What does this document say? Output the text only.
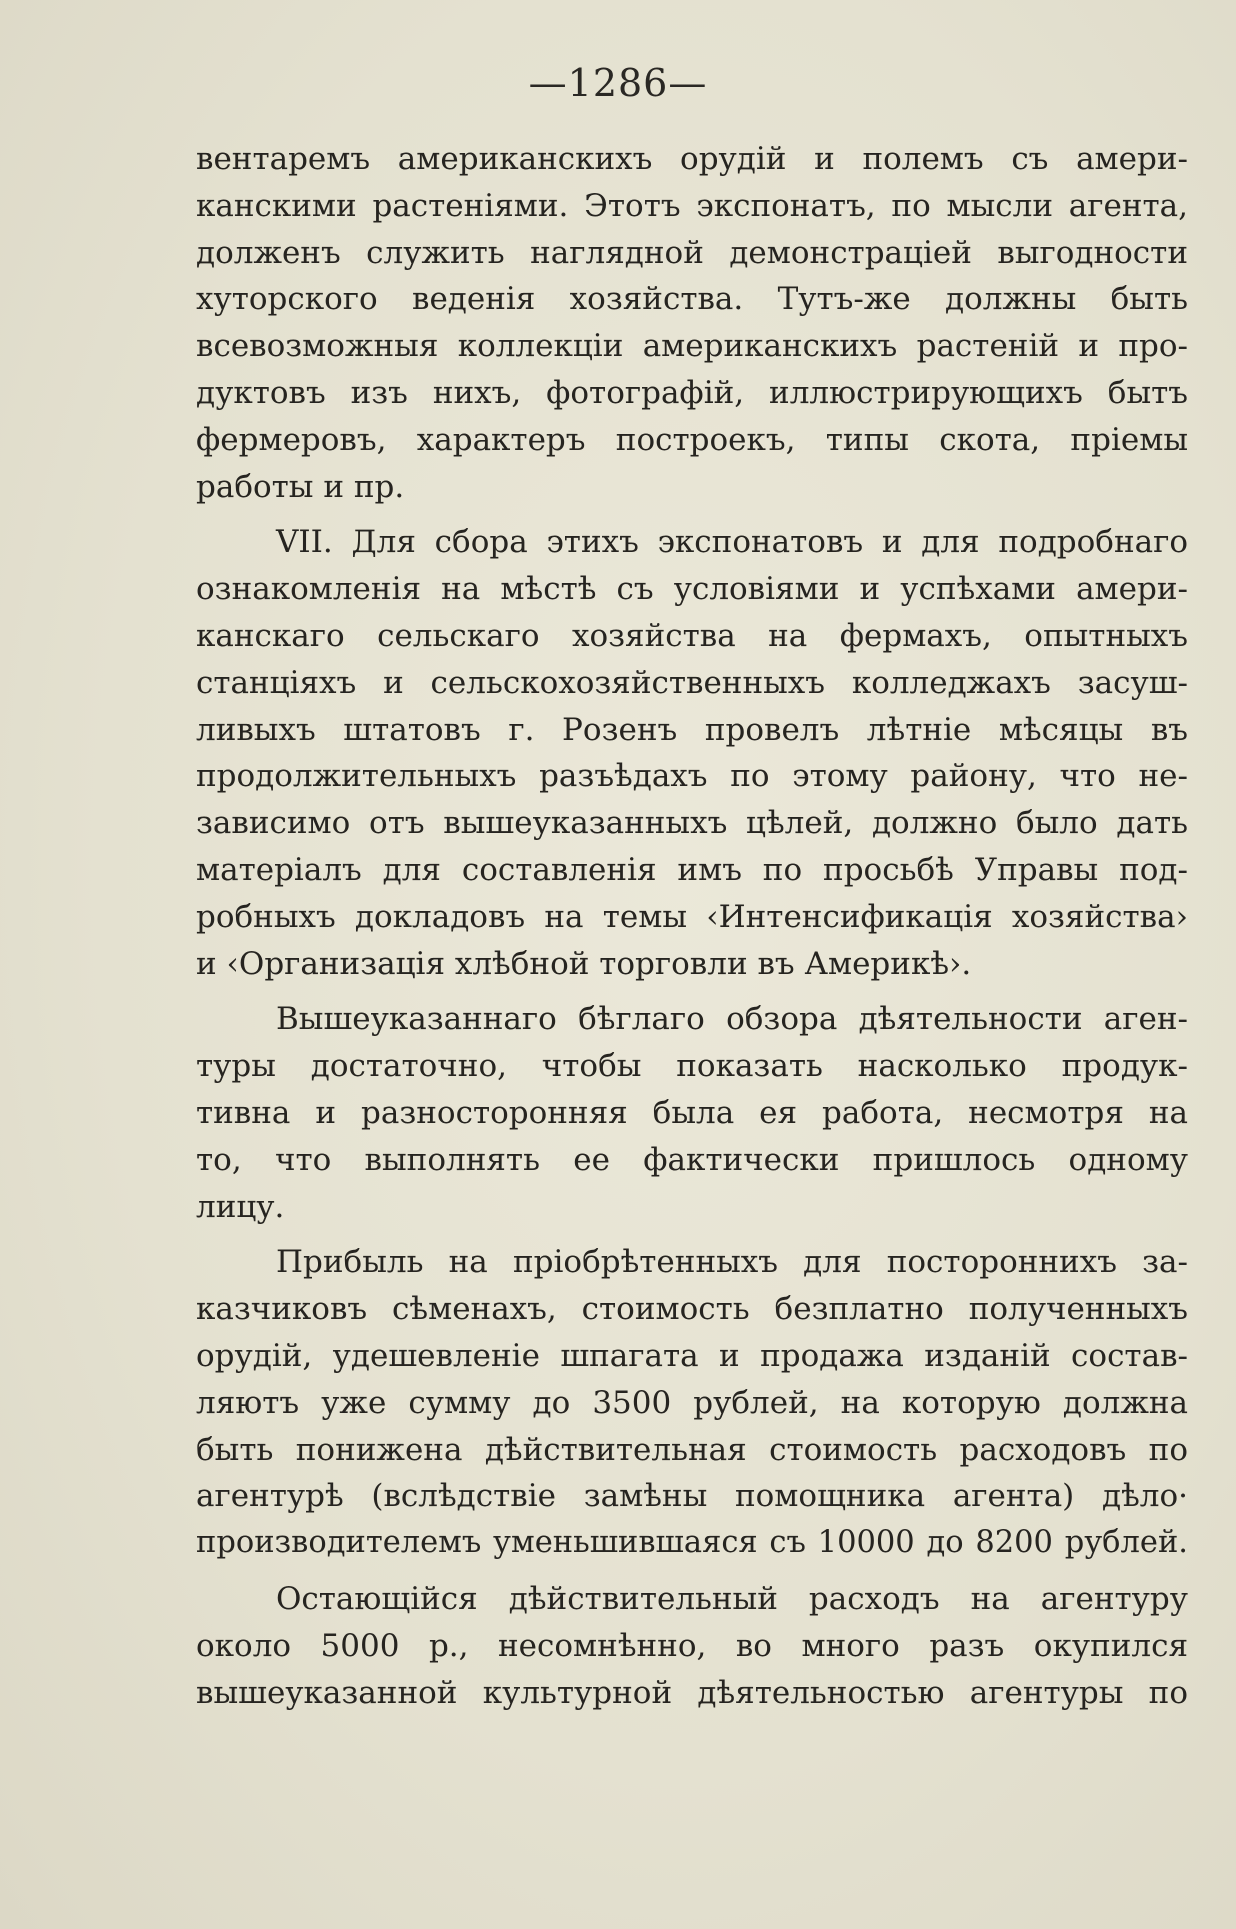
—1286—
вентаремъ американскихъ орудій и полемъ съ амери-
канскими растеніями. Этотъ экспонатъ, по мысли агента,
долженъ служить наглядной демонстраціей выгодности
хуторского веденія хозяйства. Тутъ-же должны быть
всевозможныя коллекціи американскихъ растеній и про-
дуктовъ изъ нихъ, фотографій, иллюстрирующихъ бытъ
фермеровъ, характеръ построекъ, типы скота, пріемы
работы и пр.
VII. Для сбора этихъ экспонатовъ и для подробнаго
ознакомленія на мѣстѣ съ условіями и успѣхами амери-
канскаго сельскаго хозяйства на фермахъ, опытныхъ
станціяхъ и сельскохозяйственныхъ колледжахъ засуш-
ливыхъ штатовъ г. Розенъ провелъ лѣтніе мѣсяцы въ
продолжительныхъ разъѣдахъ по этому району, что не-
зависимо отъ вышеуказанныхъ цѣлей, должно было дать
матеріалъ для составленія имъ по просьбѣ Управы под-
робныхъ докладовъ на темы ‹Интенсификація хозяйства›
и ‹Организація хлѣбной торговли въ Америкѣ›.
Вышеуказаннаго бѣглаго обзора дѣятельности аген-
туры достаточно, чтобы показать насколько продук-
тивна и разносторонняя была ея работа, несмотря на
то, что выполнять ее фактически пришлось одному
лицу.
Прибыль на пріобрѣтенныхъ для постороннихъ за-
казчиковъ сѣменахъ, стоимость безплатно полученныхъ
орудій, удешевленіе шпагата и продажа изданій состав-
ляютъ уже сумму до 3500 рублей, на которую должна
быть понижена дѣйствительная стоимость расходовъ по
агентурѣ (вслѣдствіе замѣны помощника агента) дѣло·
производителемъ уменьшившаяся съ 10000 до 8200 рублей.
Остающійся дѣйствительный расходъ на агентуру
около 5000 р., несомнѣнно, во много разъ окупился
вышеуказанной культурной дѣятельностью агентуры по
